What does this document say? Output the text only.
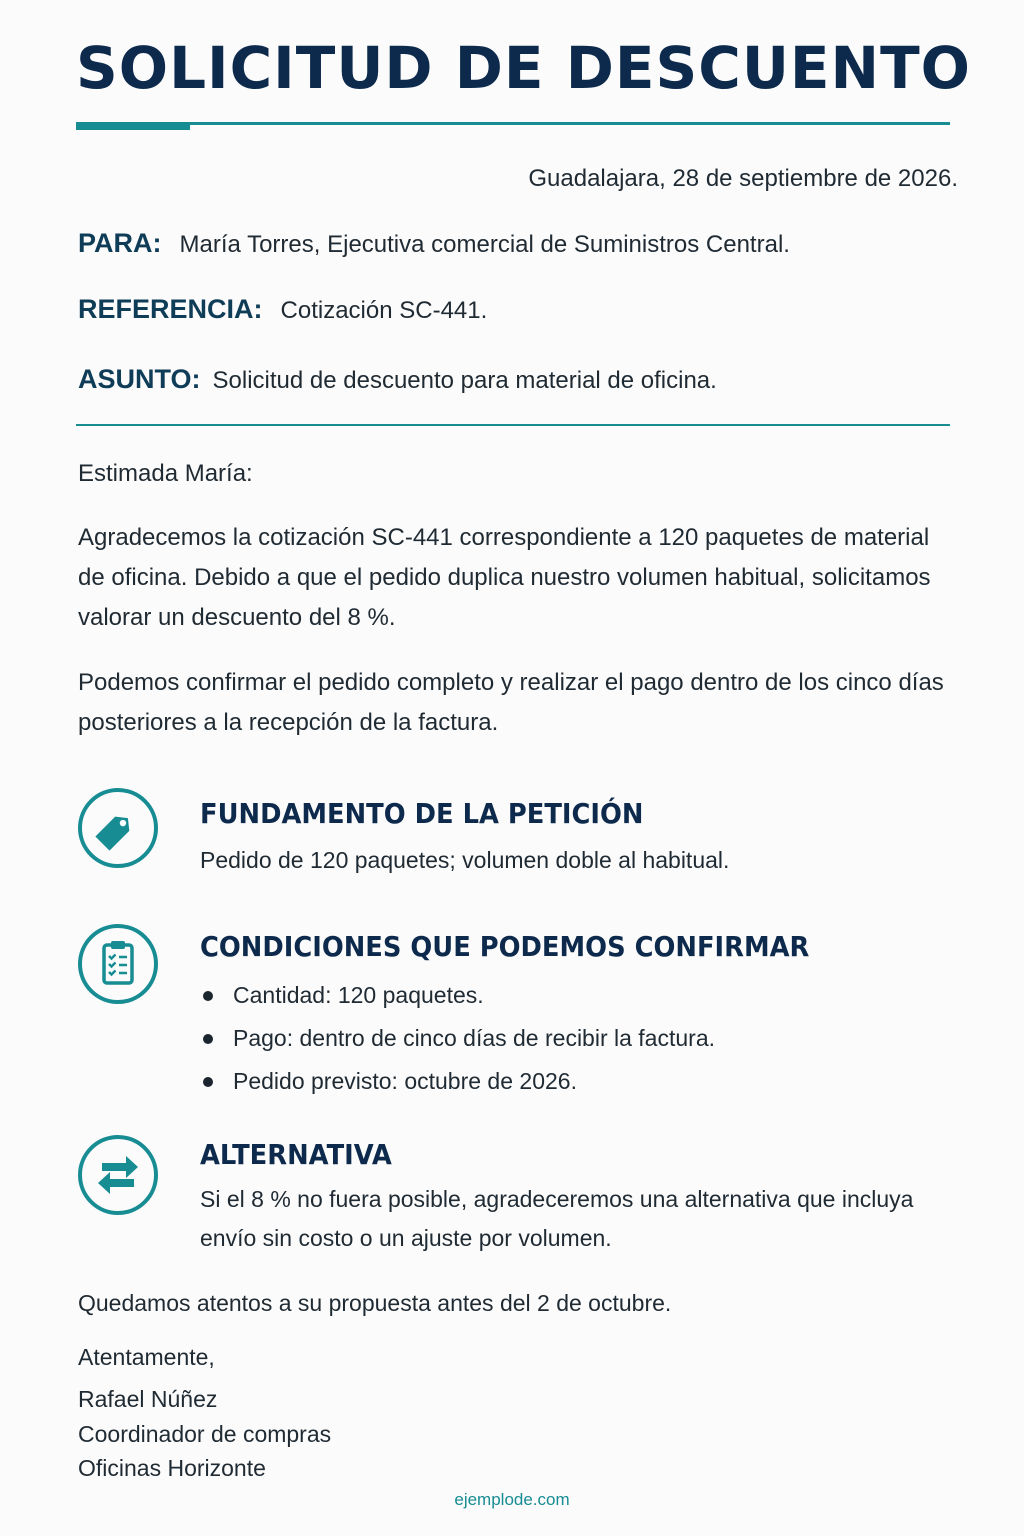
SOLICITUD DE DESCUENTO
Guadalajara, 28 de septiembre de 2026.
PARA: María Torres, Ejecutiva comercial de Suministros Central.
REFERENCIA: Cotización SC-441.
ASUNTO: Solicitud de descuento para material de oficina.

Estimada María:

Agradecemos la cotización SC-441 correspondiente a 120 paquetes de material de oficina. Debido a que el pedido duplica nuestro volumen habitual, solicitamos valorar un descuento del 8 %.

Podemos confirmar el pedido completo y realizar el pago dentro de los cinco días posteriores a la recepción de la factura.

FUNDAMENTO DE LA PETICIÓN

Pedido de 120 paquetes; volumen doble al habitual.

CONDICIONES QUE PODEMOS CONFIRMAR
Cantidad: 120 paquetes.
Pago: dentro de cinco días de recibir la factura.
Pedido previsto: octubre de 2026.
ALTERNATIVA

Si el 8 % no fuera posible, agradeceremos una alternativa que incluya envío sin costo o un ajuste por volumen.

Quedamos atentos a su propuesta antes del 2 de octubre.
Atentamente,
Rafael Núñez
Coordinador de compras
Oficinas Horizonte
ejemplode.com
